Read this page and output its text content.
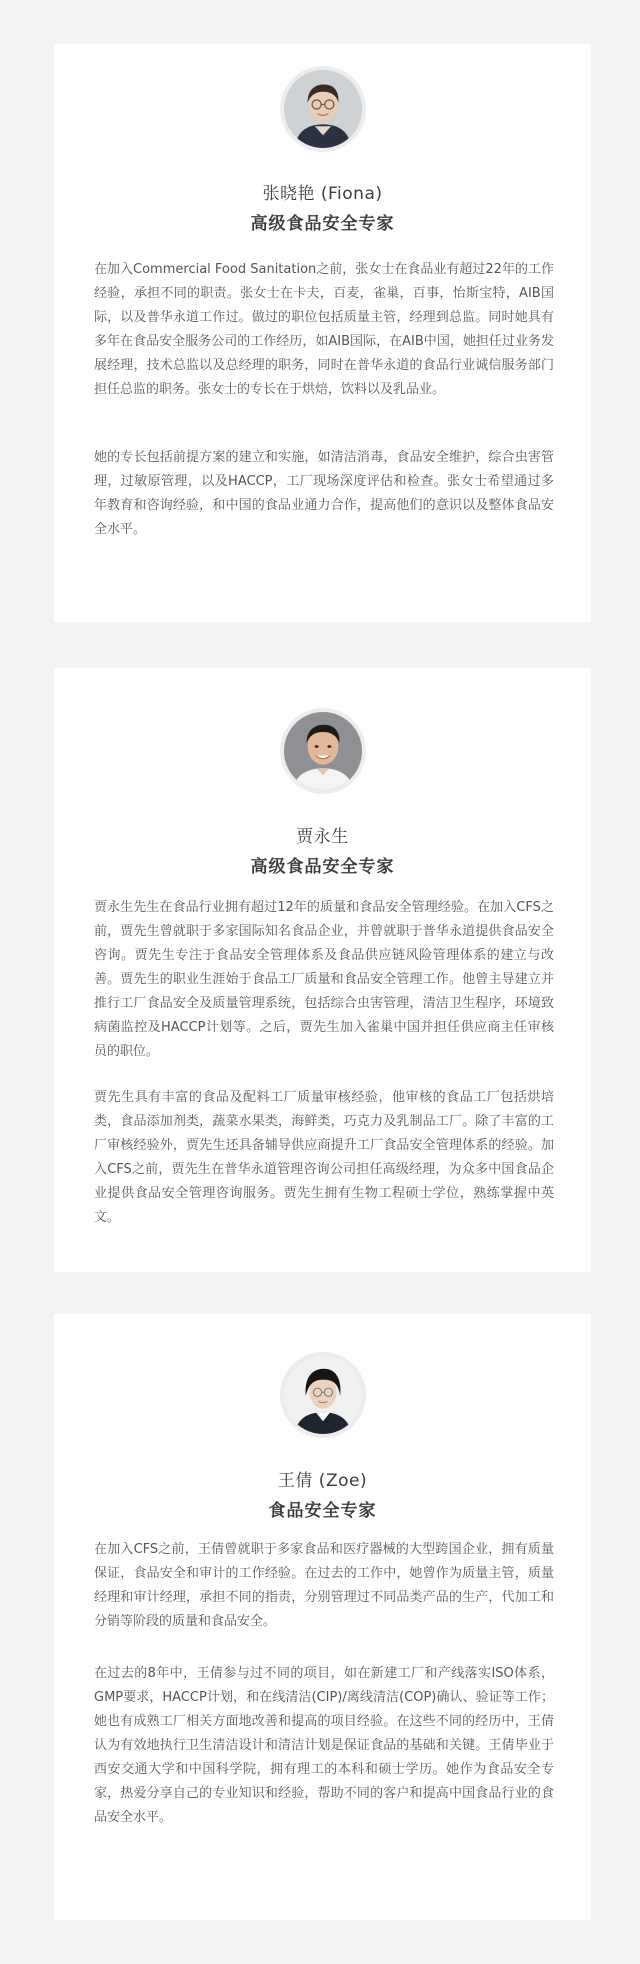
张晓艳 (Fiona)
高级食品安全专家
在加入Commercial Food Sanitation之前，张女士在食品业有超过22年的工作经验，承担不同的职责。张女士在卡夫，百麦，雀巢，百事，怡斯宝特，AIB国际，以及普华永道工作过。做过的职位包括质量主管，经理到总监。同时她具有多年在食品安全服务公司的工作经历，如AIB国际，在AIB中国，她担任过业务发展经理，技术总监以及总经理的职务，同时在普华永道的食品行业诚信服务部门担任总监的职务。张女士的专长在于烘焙，饮料以及乳品业。
她的专长包括前提方案的建立和实施，如清洁消毒，食品安全维护，综合虫害管理，过敏原管理，以及HACCP，工厂现场深度评估和检查。张女士希望通过多年教育和咨询经验，和中国的食品业通力合作，提高他们的意识以及整体食品安全水平。
贾永生
高级食品安全专家
贾永生先生在食品行业拥有超过12年的质量和食品安全管理经验。在加入CFS之前，贾先生曾就职于多家国际知名食品企业，并曾就职于普华永道提供食品安全咨询。贾先生专注于食品安全管理体系及食品供应链风险管理体系的建立与改善。贾先生的职业生涯始于食品工厂质量和食品安全管理工作。他曾主导建立并推行工厂食品安全及质量管理系统，包括综合虫害管理，清洁卫生程序，环境致病菌监控及HACCP计划等。之后，贾先生加入雀巢中国并担任供应商主任审核员的职位。
贾先生具有丰富的食品及配料工厂质量审核经验，他审核的食品工厂包括烘培类，食品添加剂类，蔬菜水果类，海鲜类，巧克力及乳制品工厂。除了丰富的工厂审核经验外，贾先生还具备辅导供应商提升工厂食品安全管理体系的经验。加入CFS之前，贾先生在普华永道管理咨询公司担任高级经理，为众多中国食品企业提供食品安全管理咨询服务。贾先生拥有生物工程硕士学位，熟练掌握中英文。
王倩 (Zoe)
食品安全专家
在加入CFS之前，王倩曾就职于多家食品和医疗器械的大型跨国企业，拥有质量保证，食品安全和审计的工作经验。在过去的工作中，她曾作为质量主管，质量经理和审计经理，承担不同的指责，分别管理过不同品类产品的生产，代加工和分销等阶段的质量和食品安全。
在过去的8年中，王倩参与过不同的项目，如在新建工厂和产线落实ISO体系，GMP要求，HACCP计划，和在线清洁(CIP)/离线清洁(COP)确认、验证等工作；她也有成熟工厂相关方面地改善和提高的项目经验。在这些不同的经历中，王倩认为有效地执行卫生清洁设计和清洁计划是保证食品的基础和关键。王倩毕业于西安交通大学和中国科学院，拥有理工的本科和硕士学历。她作为食品安全专家，热爱分享自己的专业知识和经验，帮助不同的客户和提高中国食品行业的食品安全水平。
